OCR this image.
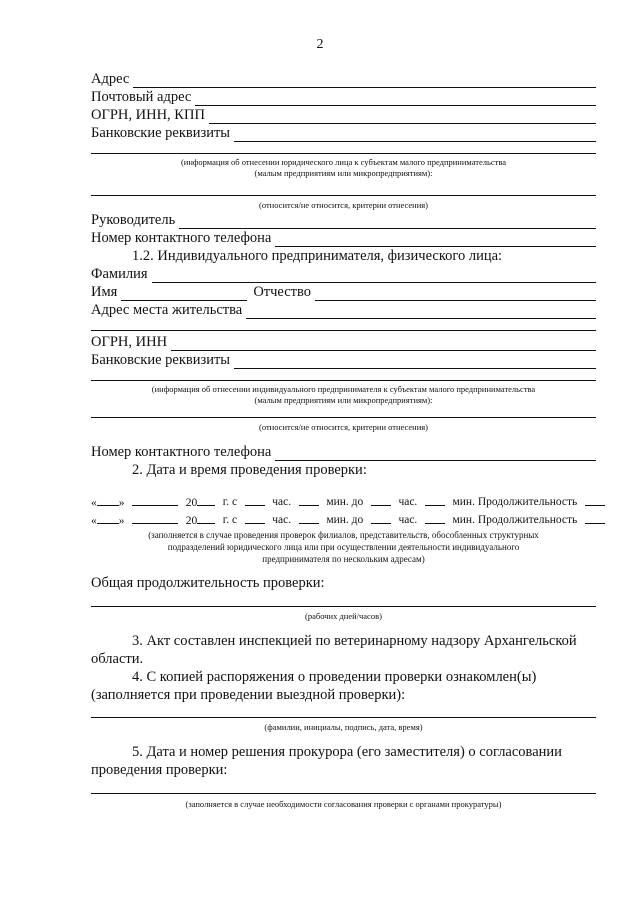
2
Адрес
Почтовый адрес
ОГРН, ИНН, КПП
Банковские реквизиты
(информация об отнесении юридического лица к субъектам малого предпринимательства
(малым предприятиям или микропредприятиям):
(относится/не относится, критерии отнесения)
Руководитель
Номер контактного телефона
1.2. Индивидуального предпринимателя, физического лица:
Фамилия
Имя	Отчество
Адрес места жительства
ОГРН, ИНН
Банковские реквизиты
(информация об отнесении индивидуального предпринимателя к субъектам малого предпринимательства
(малым предприятиям или микропредприятиям):
(относится/не относится, критерии отнесения)
Номер контактного телефона
2. Дата и время проведения проверки:
« »	20	г. с	час.	мин. до	час.	мин. Продолжительность
« »	20	г. с	час.	мин. до	час.	мин. Продолжительность
(заполняется в случае проведения проверок филиалов, представительств, обособленных структурных
подразделений юридического лица или при осуществлении деятельности индивидуального
предпринимателя по нескольким адресам)
Общая продолжительность проверки:
(рабочих дней/часов)
3. Акт составлен инспекцией по ветеринарному надзору Архангельской
области.
4. С копией распоряжения о проведении проверки ознакомлен(ы)
(заполняется при проведении выездной проверки):
(фамилии, инициалы, подпись, дата, время)
5. Дата и номер решения прокурора (его заместителя) о согласовании
проведения проверки:
(заполняется в случае необходимости согласования проверки с органами прокуратуры)
